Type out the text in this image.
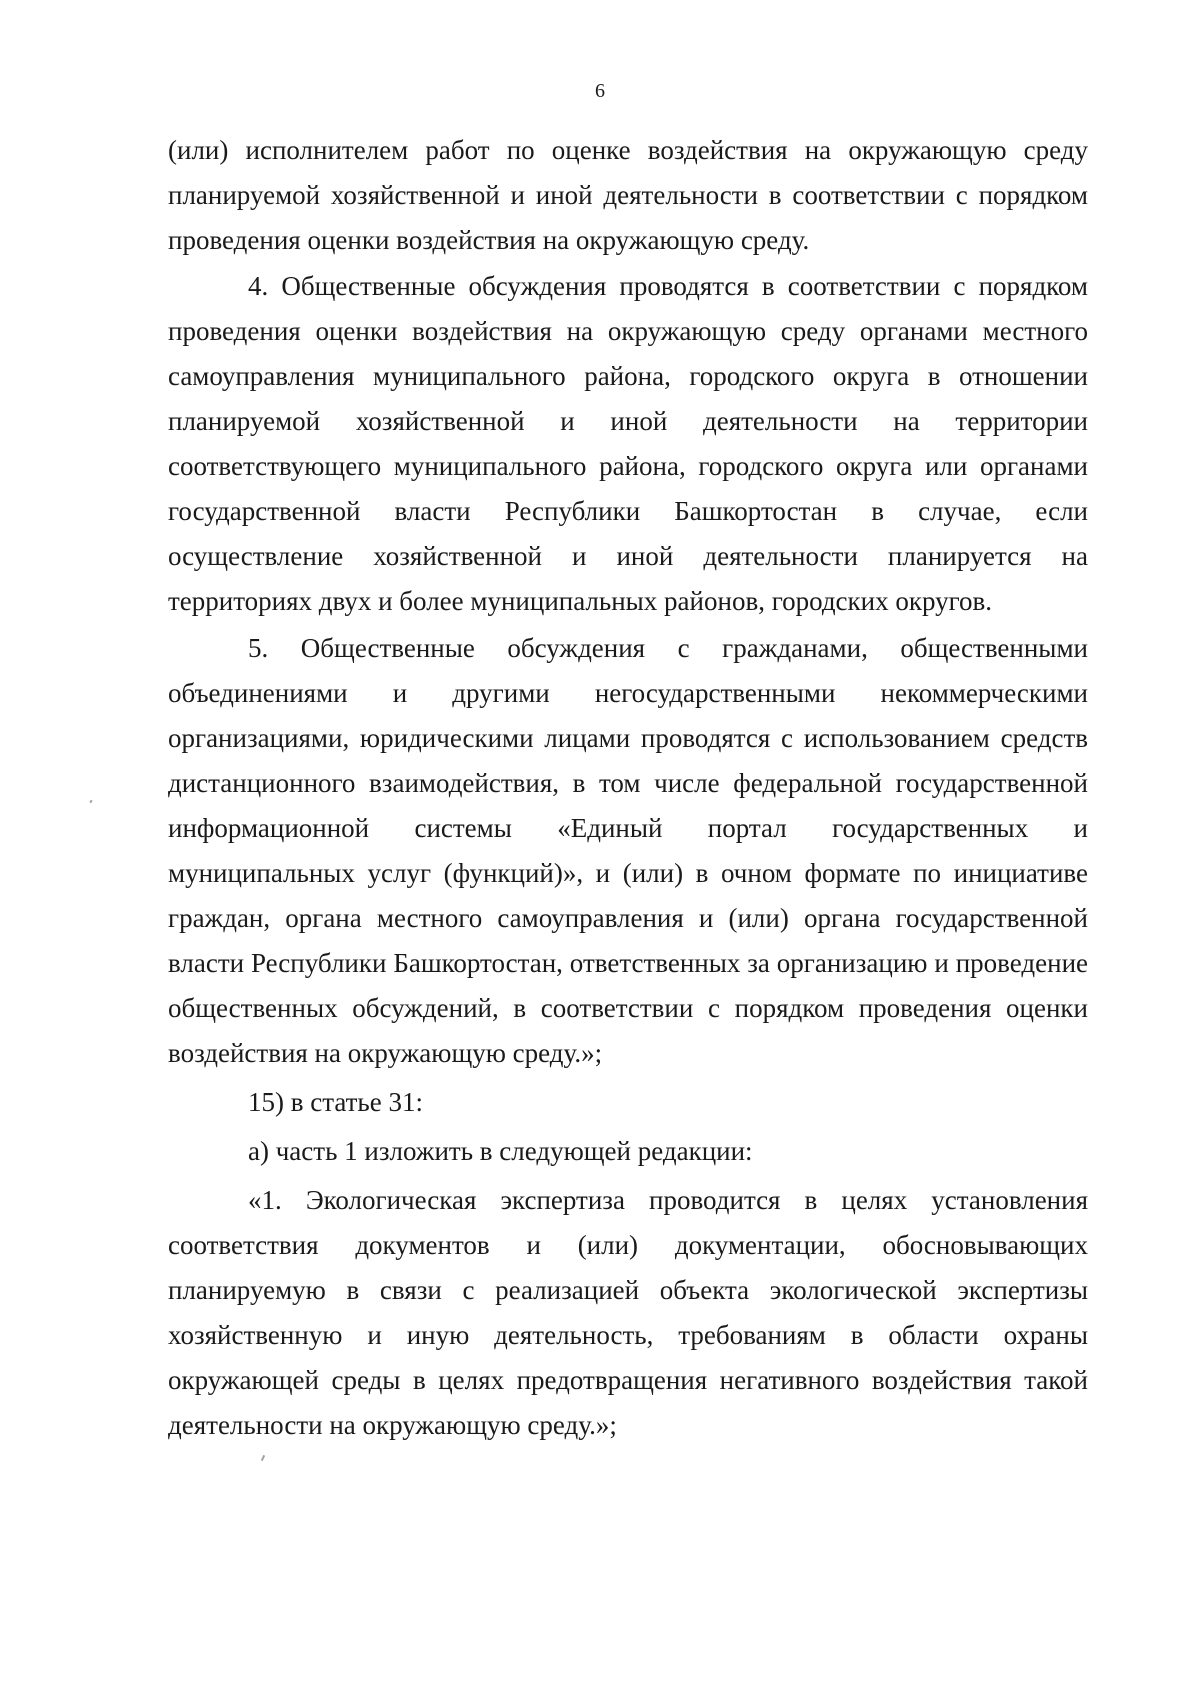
6

(или) исполнителем работ по оценке воздействия на окружающую среду планируемой хозяйственной и иной деятельности в соответствии с порядком проведения оценки воздействия на окружающую среду.

4. Общественные обсуждения проводятся в соответствии с порядком проведения оценки воздействия на окружающую среду органами местного самоуправления муниципального района, городского округа в отношении планируемой хозяйственной и иной деятельности на территории соответствующего муниципального района, городского округа или органами государственной власти Республики Башкортостан в случае, если осуществление хозяйственной и иной деятельности планируется на территориях двух и более муниципальных районов, городских округов.

5. Общественные обсуждения с гражданами, общественными объединениями и другими негосударственными некоммерческими организациями, юридическими лицами проводятся с использованием средств дистанционного взаимодействия, в том числе федеральной государственной информационной системы «Единый портал государственных и муниципальных услуг (функций)», и (или) в очном формате по инициативе граждан, органа местного самоуправления и (или) органа государственной власти Республики Башкортостан, ответственных за организацию и проведение общественных обсуждений, в соответствии с порядком проведения оценки воздействия на окружающую среду.»;

15) в статье 31:

а) часть 1 изложить в следующей редакции:

«1. Экологическая экспертиза проводится в целях установления соответствия документов и (или) документации, обосновывающих планируемую в связи с реализацией объекта экологической экспертизы хозяйственную и иную деятельность, требованиям в области охраны окружающей среды в целях предотвращения негативного воздействия такой деятельности на окружающую среду.»;
